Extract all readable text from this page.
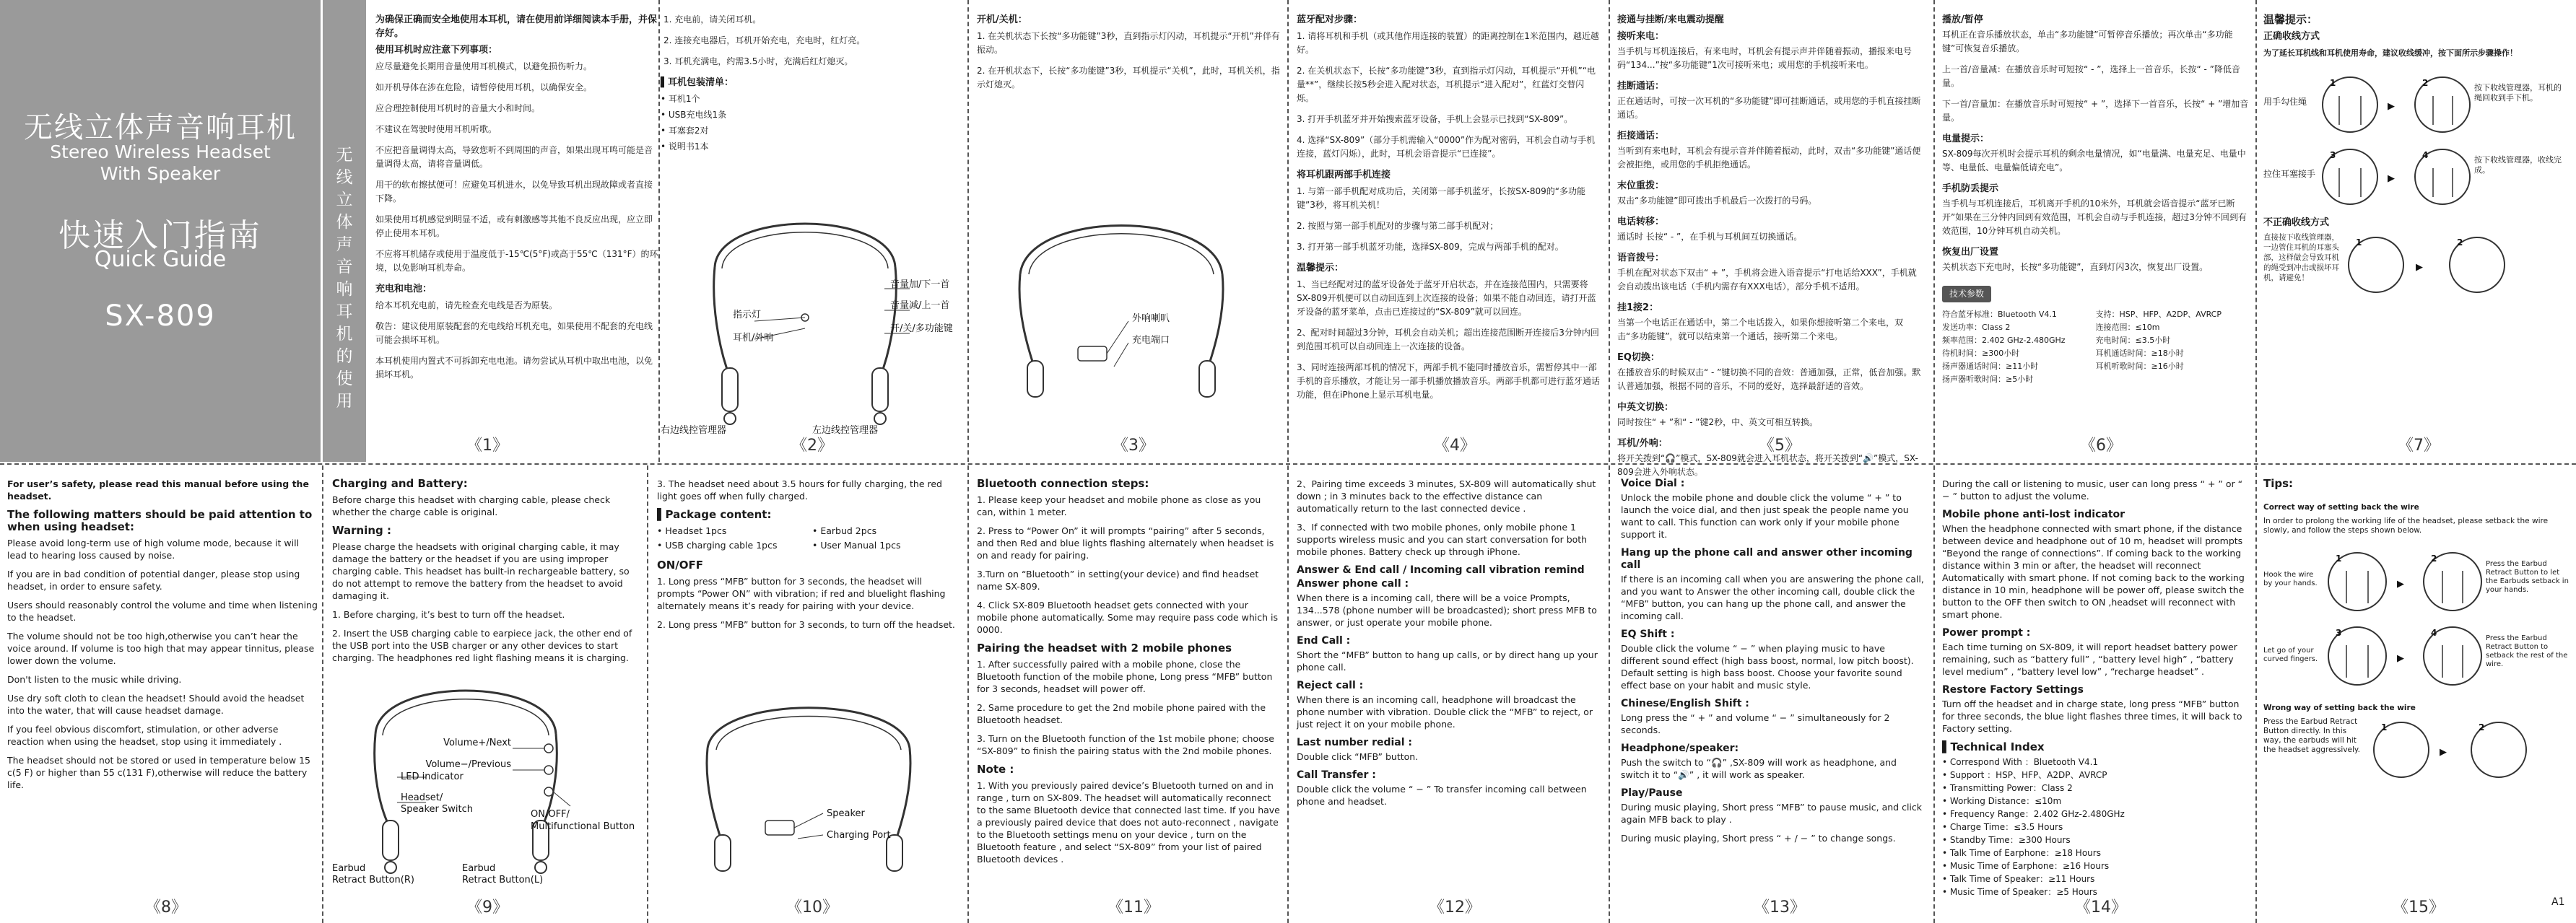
无线立体声音响耳机
Stereo Wireless Headset
With Speaker
快速入门指南
Quick Guide
SX-809
无
线
立
体
声
音
响
耳
机
的
使
用

为确保正确而安全地使用本耳机，请在使用前详细阅读本手册，并保存好。

使用耳机时应注意下列事项：

应尽量避免长期用音量使用耳机模式，以避免损伤听力。

如开机导体在涉在危险，请暂停使用耳机，以确保安全。

应合理控制使用耳机时的音量大小和时间。

不建议在驾驶时使用耳机听歌。

不应把音量调得太高，导致您听不到周围的声音，如果出现耳鸣可能是音量调得太高，请将音量调低。

用干的软布擦拭便可！应避免耳机进水，以免导致耳机出现故障或者直接下降。

如果使用耳机感觉到明显不适，或有刺激感等其他不良反应出现，应立即停止使用本耳机。

不应将耳机储存或使用于温度低于-15℃(5°F)或高于55℃（131°F）的环境，以免影响耳机寿命。

充电和电池：

给本耳机充电前，请先检查充电线是否为原装。

敬告：建议使用原装配套的充电线给耳机充电，如果使用不配套的充电线可能会损坏耳机。

本耳机使用内置式不可拆卸充电电池。请勿尝试从耳机中取出电池，以免损坏耳机。

1. 充电前，请关闭耳机。

2. 连接充电器后，耳机开始充电，充电时，红灯亮。

3. 耳机充满电，约需3.5小时，充满后红灯熄灭。

▌耳机包装清单：

• 耳机1个
• USB充电线1条
• 耳塞套2对
• 说明书1本
指示灯
耳机/外响
音量加/下一首
音量减/上一首
开/关/多功能键
右边线控管理器	左边线控管理器

开机/关机：

1. 在关机状态下长按“多功能键”3秒，直到指示灯闪动，耳机提示“开机”并伴有振动。

2. 在开机状态下，长按“多功能键”3秒，耳机提示“关机”，此时，耳机关机，指示灯熄灭。

外响喇叭
充电端口

蓝牙配对步骤：

1. 请将耳机和手机（或其他作用连接的装置）的距离控制在1米范围内，越近越好。

2. 在关机状态下，长按“多功能键”3秒，直到指示灯闪动，耳机提示“开机”“电量**”，继续长按5秒会进入配对状态，耳机提示“进入配对”，红蓝灯交替闪烁。

3. 打开手机蓝牙并开始搜索蓝牙设备，手机上会显示已找到“SX-809”。

4. 选择“SX-809”（部分手机需输入“0000”作为配对密码，耳机会自动与手机连接，蓝灯闪烁），此时，耳机会语音提示“已连接”。

将耳机跟两部手机连接

1. 与第一部手机配对成功后，关闭第一部手机蓝牙，长按SX-809的“多功能键”3秒，将耳机关机！

2. 按照与第一部手机配对的步骤与第二部手机配对；

3. 打开第一部手机蓝牙功能，选择SX-809，完成与两部手机的配对。

温馨提示：

1、当已经配对过的蓝牙设备处于蓝牙开启状态，并在连接范围内，只需要将SX-809开机便可以自动回连到上次连接的设备；如果不能自动回连，请打开蓝牙设备的蓝牙菜单，点击已连接过的“SX-809”就可以回连。

2、配对时间超过3分钟，耳机会自动关机；超出连接范围断开连接后3分钟内回到范围耳机可以自动回连上一次连接的设备。

3、同时连接两部耳机的情况下，两部手机不能同时播放音乐，需暂停其中一部手机的音乐播放，才能让另一部手机播放播放音乐。两部手机都可进行蓝牙通话功能，但在iPhone上显示耳机电量。

接通与挂断/来电震动提醒

接听来电：

当手机与耳机连接后，有来电时，耳机会有提示声并伴随着振动，播报来电号码“134...”按“多功能键”1次可接听来电；或用您的手机接听来电。

挂断通话：

正在通话时，可按一次耳机的“多功能键”即可挂断通话，或用您的手机直接挂断通话。

拒接通话：

当听到有来电时，耳机会有提示音并伴随着振动，此时，双击“多功能键”通话便会被拒绝，或用您的手机拒绝通话。

末位重拨：

双击“多功能键”即可拨出手机最后一次拨打的号码。

电话转移：

通话时 长按“ - ”，在手机与耳机间互切换通话。

语音拨号：

手机在配对状态下双击“ + ”，手机将会进入语音提示“打电话给XXX”，手机就会自动拨出该电话（手机内需存有XXX电话），部分手机不适用。

挂1接2：

当第一个电话正在通话中，第二个电话拨入，如果你想接听第二个来电，双击“多功能键”，就可以结束第一个通话，接听第二个来电。

EQ切换：

在播放音乐的时候双击“ - ”键切换不同的音效：普通加强，正常，低音加强。默认普通加强，根据不同的音乐，不同的爱好，选择最舒适的音效。

中英文切换：

同时按住“ + ”和“ - ”键2秒，中、英文可相互转换。

耳机/外响：

将开关拨到“🎧”模式，SX-809就会进入耳机状态，将开关拨到“🔊”模式，SX-809会进入外响状态。

播放/暂停

耳机正在音乐播放状态，单击“多功能键”可暂停音乐播放；再次单击“多功能键”可恢复音乐播放。

上一首/音量减：在播放音乐时可短按“ - ”，选择上一首音乐，长按“ - ”降低音量。

下一首/音量加：在播放音乐时可短按“ + ”，选择下一首音乐，长按“ + ”增加音量。

电量提示：

SX-809每次开机时会提示耳机的剩余电量情况，如“电量满、电量充足、电量中等、电量低、电量偏低请充电”。

手机防丢提示

当手机与耳机连接后，耳机离开手机的10米外，耳机就会语音提示“蓝牙已断开”如果在三分钟内回到有效范围，耳机会自动与手机连接，超过3分钟不回到有效范围，10分钟耳机自动关机。

恢复出厂设置

关机状态下充电时，长按“多功能键”，直到灯闪3次，恢复出厂设置。

技术参数
符合蓝牙标准：Bluetooth V4.1	支持：HSP、HFP、A2DP、AVRCP
发送功率：Class 2	连接范围：≤10m
频率范围：2.402 GHz-2.480GHz	充电时间：≤3.5小时
待机时间：≥300小时	耳机通话时间：≥18小时
扬声器通话时间：≥11小时	耳机听歌时间：≥16小时
扬声器听歌时间：≥5小时

温馨提示：

正确收线方式

为了延长耳机线和耳机使用寿命，建议收线缓冲，按下面所示步骤操作！

用手勾住绳
1
▶
2	按下收线管理器，耳机的绳回收到手下机。
拉住耳塞接手
3
▶
4	按下收线管理器，收线完成。

不正确收线方式

直接按下收线管理器，一边管住耳机的耳塞头部，这样做会导致耳机的绳受到冲击或损坏耳机，请避免！
1
▶
2

For user’s safety, please read this manual before using the headset.

The following matters should be paid attention to when using headset:

Please avoid long-term use of high volume mode, because it will lead to hearing loss caused by noise.

If you are in bad condition of potential danger, please stop using headset, in order to ensure safety.

Users should reasonably control the volume and time when listening to the headset.

The volume should not be too high,otherwise you can’t hear the voice around. If volume is too high that may appear tinnitus, please lower down the volume.

Don't listen to the music while driving.

Use dry soft cloth to clean the headset! Should avoid the headset into the water, that will cause headset damage.

If you feel obvious discomfort, stimulation, or other adverse reaction when using the headset, stop using it immediately .

The headset should not be stored or used in temperature below 15 c(5 F) or higher than 55 c(131 F),otherwise will reduce the battery life.

Charging and Battery:

Before charge this headset with charging cable, please check whether the charge cable is original.

Warning :

Please charge the headsets with original charging cable, it may damage the battery or the headset if you are using improper charging cable. This headset has built-in rechargeable battery, so do not attempt to remove the battery from the headset to avoid damaging it.

1. Before charging, it’s best to turn off the headset.

2. Insert the USB charging cable to earpiece jack, the other end of the USB port into the USB charger or any other devices to start charging. The headphones red light flashing means it is charging.

LED indicator
Headset/
Speaker Switch
Volume+/Next
Volume−/Previous
ON/OFF/
Multifunctional Button
Earbud
Retract Button(R)
Earbud
Retract Button(L)

3. The headset need about 3.5 hours for fully charging, the red light goes off when fully charged.

▌Package content:

• Headset 1pcs	• Earbud 2pcs
• USB charging cable 1pcs	• User Manual 1pcs

ON/OFF

1. Long press “MFB” button for 3 seconds, the headset will prompts “Power ON” with vibration; if red and bluelight flashing alternately means it’s ready for pairing with your device.

2. Long press “MFB” button for 3 seconds, to turn off the headset.

Speaker
Charging Port

Bluetooth connection steps:

1. Please keep your headset and mobile phone as close as you can, within 1 meter.

2. Press to “Power On” it will prompts “pairing” after 5 seconds, and then Red and blue lights flashing alternately when headset is on and ready for pairing.

3.Turn on “Bluetooth” in setting(your device) and find headset name SX-809.

4. Click SX-809 Bluetooth headset gets connected with your mobile phone automatically. Some may require pass code which is 0000.

Pairing the headset with 2 mobile phones

1. After successfully paired with a mobile phone, close the Bluetooth function of the mobile phone, Long press “MFB” button for 3 seconds, headset will power off.

2. Same procedure to get the 2nd mobile phone paired with the Bluetooth headset.

3. Turn on the Bluetooth function of the 1st mobile phone; choose “SX-809” to finish the pairing status with the 2nd mobile phones.

Note :

1. With you previously paired device’s Bluetooth turned on and in range , turn on SX-809. The headset will automatically reconnect to the same Bluetooth device that connected last time. If you have a previously paired device that does not auto-reconnect , navigate to the Bluetooth settings menu on your device , turn on the Bluetooth feature , and select “SX-809” from your list of paired Bluetooth devices .

2、Pairing time exceeds 3 minutes, SX-809 will automatically shut down ; in 3 minutes back to the effective distance can automatically return to the last connected device .

3、If connected with two mobile phones, only mobile phone 1 supports wireless music and you can start conversation for both mobile phones. Battery check up through iPhone.

Answer & End call / Incoming call vibration remind

Answer phone call :

When there is a incoming call, there will be a voice Prompts, 134...578 (phone number will be broadcasted); short press MFB to answer, or just operate your mobile phone.

End Call :

Short the “MFB” button to hang up calls, or by direct hang up your phone call.

Reject call :

When there is an incoming call, headphone will broadcast the phone number with vibration. Double click the “MFB” to reject, or just reject it on your mobile phone.

Last number redial :

Double click “MFB” button.

Call Transfer :

Double click the volume “ − ” To transfer incoming call between phone and headset.

Voice Dial :

Unlock the mobile phone and double click the volume “ + ” to launch the voice dial, and then just speak the people name you want to call. This function can work only if your mobile phone support it.

Hang up the phone call and answer other incoming call

If there is an incoming call when you are answering the phone call, and you want to Answer the other incoming call, double click the “MFB” button, you can hang up the phone call, and answer the incoming call.

EQ Shift :

Double click the volume “ − ” when playing music to have different sound effect (high bass boost, normal, low pitch boost). Default setting is high bass boost. Choose your favorite sound effect base on your habit and music style.

Chinese/English Shift :

Long press the “ + ” and volume “ − ” simultaneously for 2 seconds.

Headphone/speaker:

Push the switch to “🎧” ,SX-809 will work as headphone, and switch it to “🔊” , it will work as speaker.

Play/Pause

During music playing, Short press “MFB” to pause music, and click again MFB back to play .

During music playing, Short press “ + / − ” to change songs.

During the call or listening to music, user can long press “ + ” or “ − ” button to adjust the volume.

Mobile phone anti-lost indicator

When the headphone connected with smart phone, if the distance between device and headphone out of 10 m, headset will prompts “Beyond the range of connections”. If coming back to the working distance within 3 min or after, the headset will reconnect Automatically with smart phone. If not coming back to the working distance in 10 min, headphone will be power off, please switch the button to the OFF then switch to ON ,headset will reconnect with smart phone.

Power prompt :

Each time turning on SX-809, it will report headset battery power remaining, such as “battery full” , “battery level high” , “battery level medium” , “battery level low” , “recharge headset” .

Restore Factory Settings

Turn off the headset and in charge state, long press “MFB” button for three seconds, the blue light flashes three times, it will back to Factory setting.

▌Technical Index

• Correspond With ：Bluetooth V4.1
• Support ：HSP、HFP、A2DP、AVRCP
• Transmitting Power：Class 2
• Working Distance：≤10m
• Frequency Range：2.402 GHz-2.480GHz
• Charge Time：≤3.5 Hours
• Standby Time：≥300 Hours
• Talk Time of Earphone：≥18 Hours
• Music Time of Earphone：≥16 Hours
• Talk Time of Speaker：≥11 Hours
• Music Time of Speaker：≥5 Hours

Tips:

Correct way of setting back the wire

In order to prolong the working life of the headset, please setback the wire slowly, and follow the steps shown below.

Hook the wire by your hands.
1
▶
2
Press the Earbud Retract Button to let the Earbuds setback in your hands.
Let go of your curved fingers.
3
▶
4
Press the Earbud Retract Button to setback the rest of the wire.

Wrong way of setting back the wire

Press the Earbud Retract Button directly. In this way, the earbuds will hit the headset aggressively.
1
▶
2
《1》	《2》	《3》	《4》	《5》	《6》	《7》
《8》	《9》	《10》	《11》	《12》	《13》	《14》	《15》	A1
